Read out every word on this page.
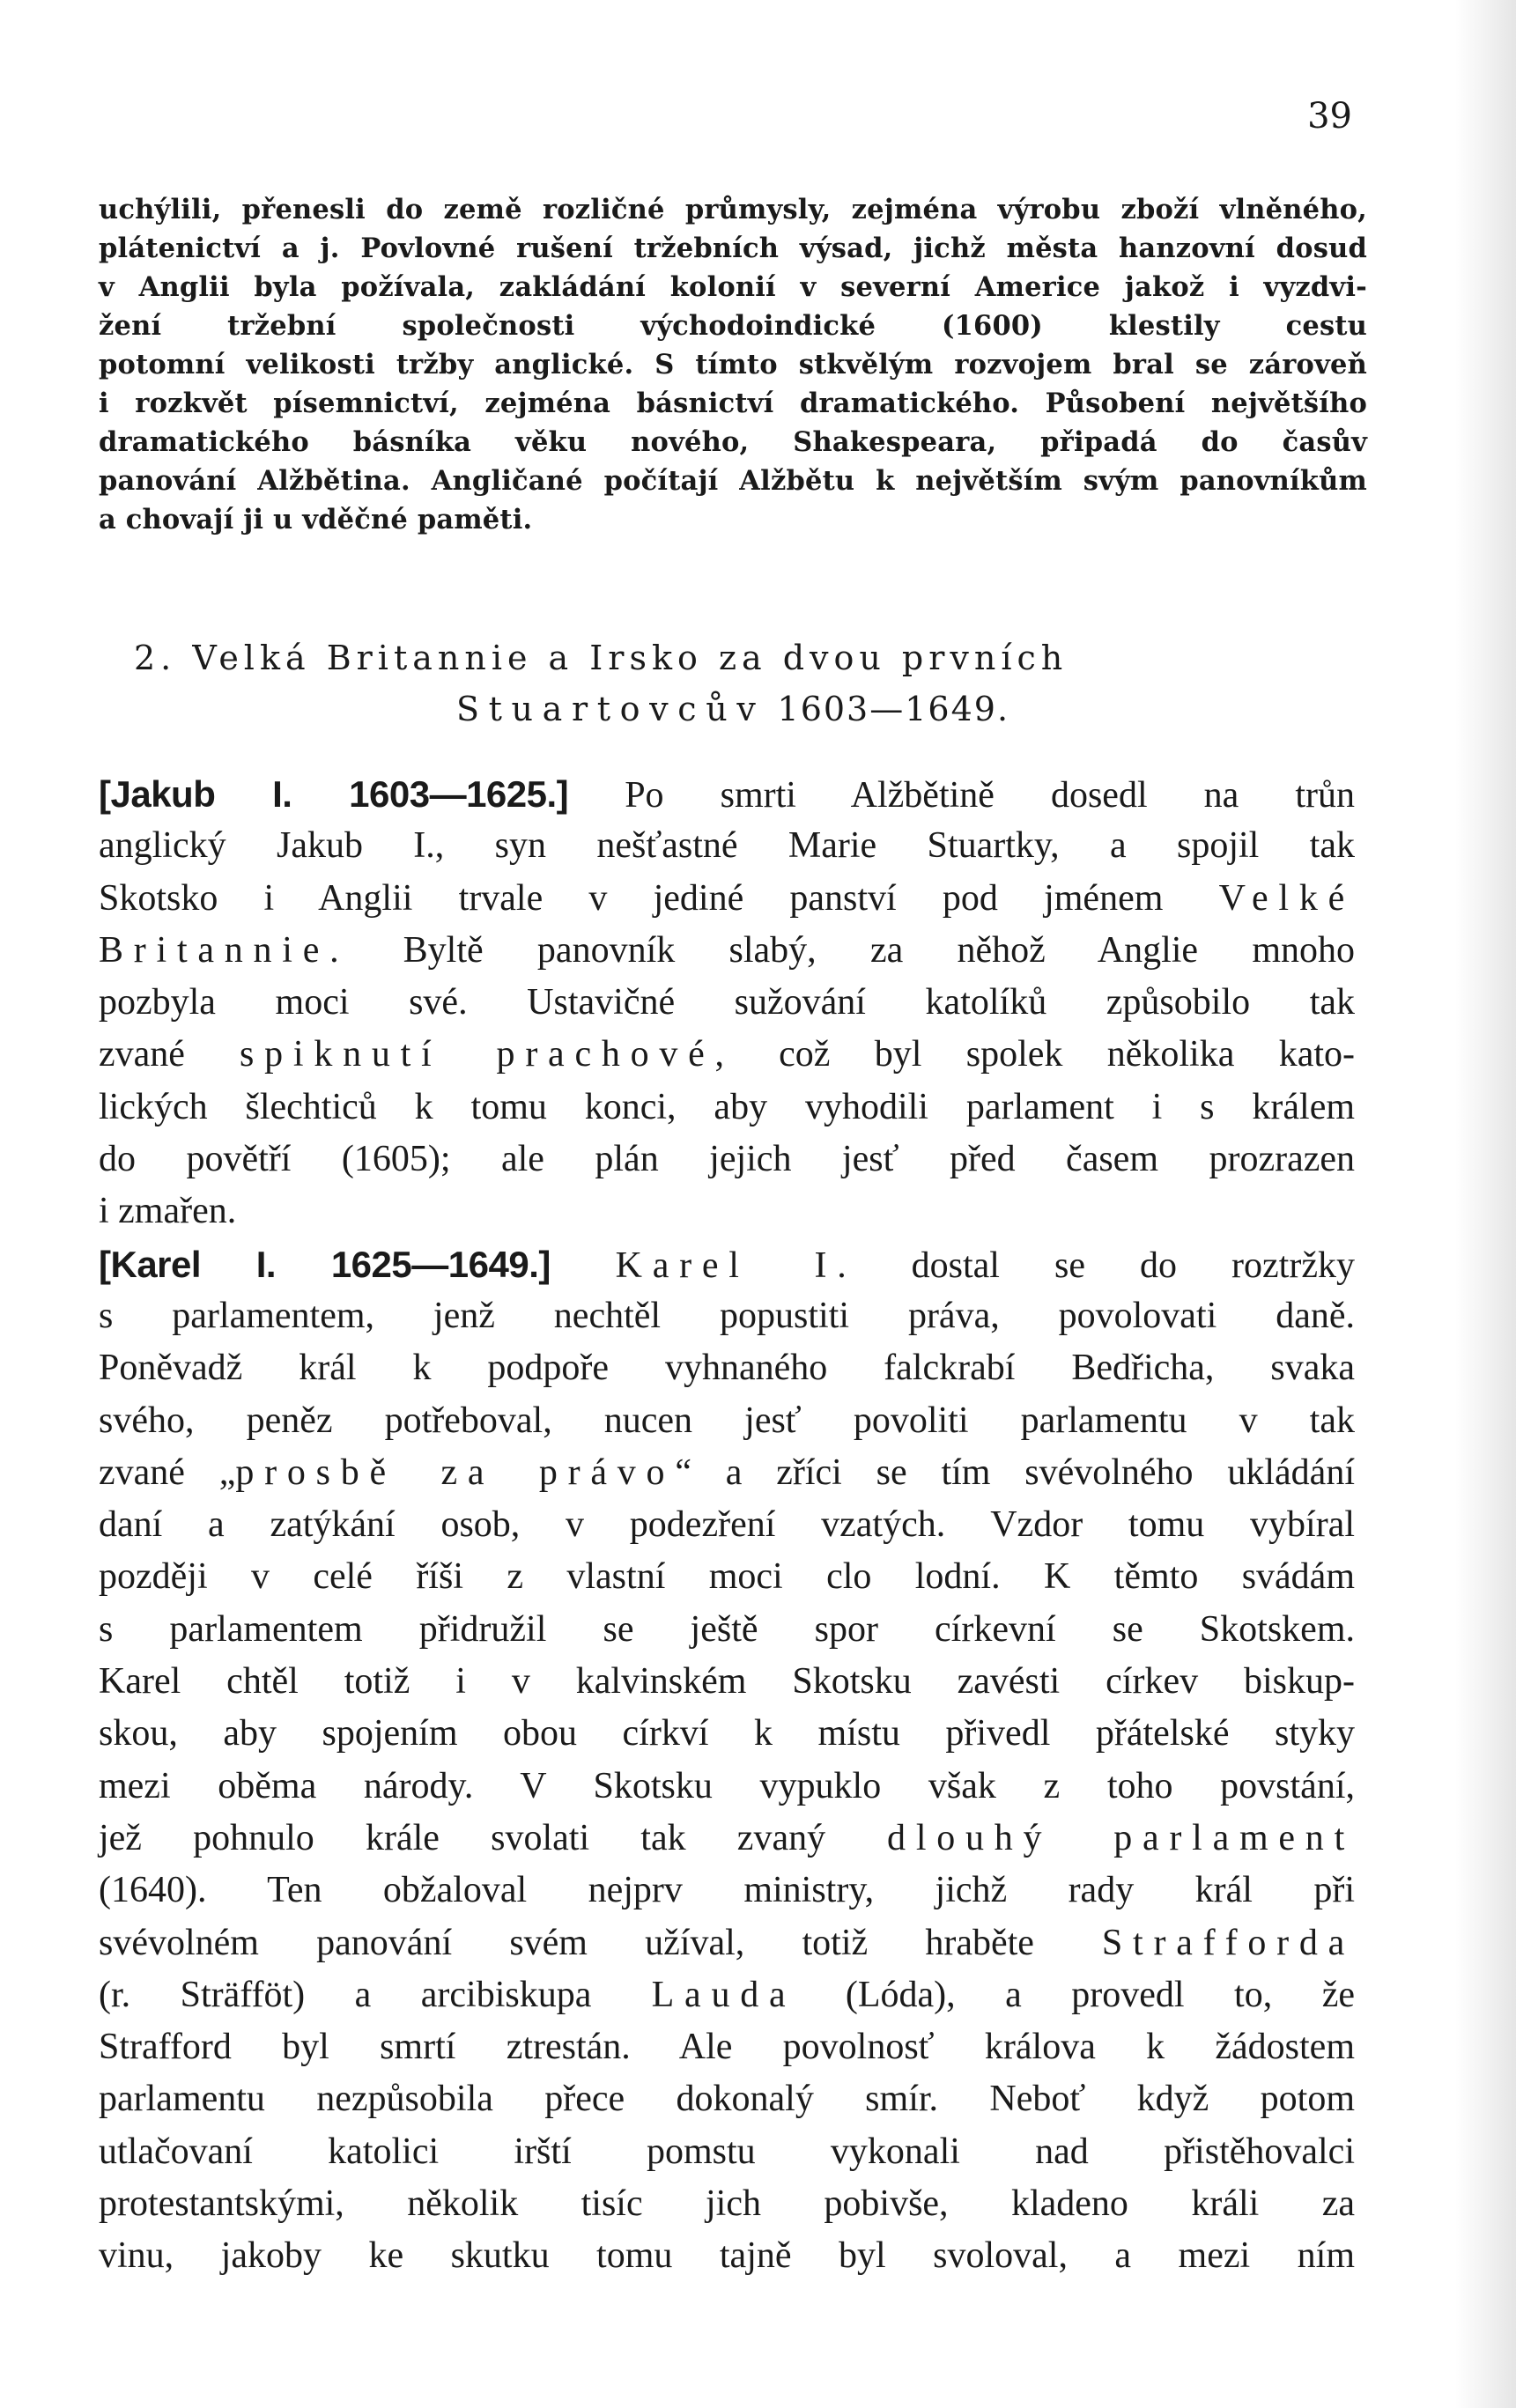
39
uchýlili, přenesli do země rozličné průmysly, zejména výrobu zboží vlněného,
plátenictví a j. Povlovné rušení tržebních výsad, jichž města hanzovní dosud
v Anglii byla požívala, zakládání kolonií v severní Americe jakož i vyzdvi-
žení tržební společnosti východoindické (1600) klestily cestu
potomní velikosti tržby anglické. S tímto stkvělým rozvojem bral se zároveň
i rozkvět písemnictví, zejména básnictví dramatického. Působení největšího
dramatického básníka věku nového, Shakespeara, připadá do časův
panování Alžbětina. Angličané počítají Alžbětu k největším svým panovníkům
a chovají ji u vděčné paměti.
2. Velká Britannie a Irsko za dvou prvních
Stuartovcův 1603—1649.
[Jakub I. 1603—1625.] Po smrti Alžbětině dosedl na trůn
anglický Jakub I., syn nešťastné Marie Stuartky, a spojil tak
Skotsko i Anglii trvale v jediné panství pod jménem Velké
Britannie. Byltě panovník slabý, za něhož Anglie mnoho
pozbyla moci své. Ustavičné sužování katolíků způsobilo tak
zvané spiknutí prachové, což byl spolek několika kato-
lických šlechticů k tomu konci, aby vyhodili parlament i s králem
do povětří (1605); ale plán jejich jesť před časem prozrazen
i zmařen.
[Karel I. 1625—1649.] Karel I. dostal se do roztržky
s parlamentem, jenž nechtěl popustiti práva, povolovati daně.
Poněvadž král k podpoře vyhnaného falckrabí Bedřicha, svaka
svého, peněz potřeboval, nucen jesť povoliti parlamentu v tak
zvané „prosbě za právo“ a zříci se tím svévolného ukládání
daní a zatýkání osob, v podezření vzatých. Vzdor tomu vybíral
později v celé říši z vlastní moci clo lodní. K těmto svádám
s parlamentem přidružil se ještě spor církevní se Skotskem.
Karel chtěl totiž i v kalvinském Skotsku zavésti církev biskup-
skou, aby spojením obou církví k místu přivedl přátelské styky
mezi oběma národy. V Skotsku vypuklo však z toho povstání,
jež pohnulo krále svolati tak zvaný dlouhý parlament
(1640). Ten obžaloval nejprv ministry, jichž rady král při
svévolném panování svém užíval, totiž hraběte Strafforda
(r. Sträfföt) a arcibiskupa Lauda (Lóda), a provedl to, že
Strafford byl smrtí ztrestán. Ale povolnosť králova k žádostem
parlamentu nezpůsobila přece dokonalý smír. Neboť když potom
utlačovaní katolici irští pomstu vykonali nad přistěhovalci
protestantskými, několik tisíc jich pobivše, kladeno králi za
vinu, jakoby ke skutku tomu tajně byl svoloval, a mezi ním
